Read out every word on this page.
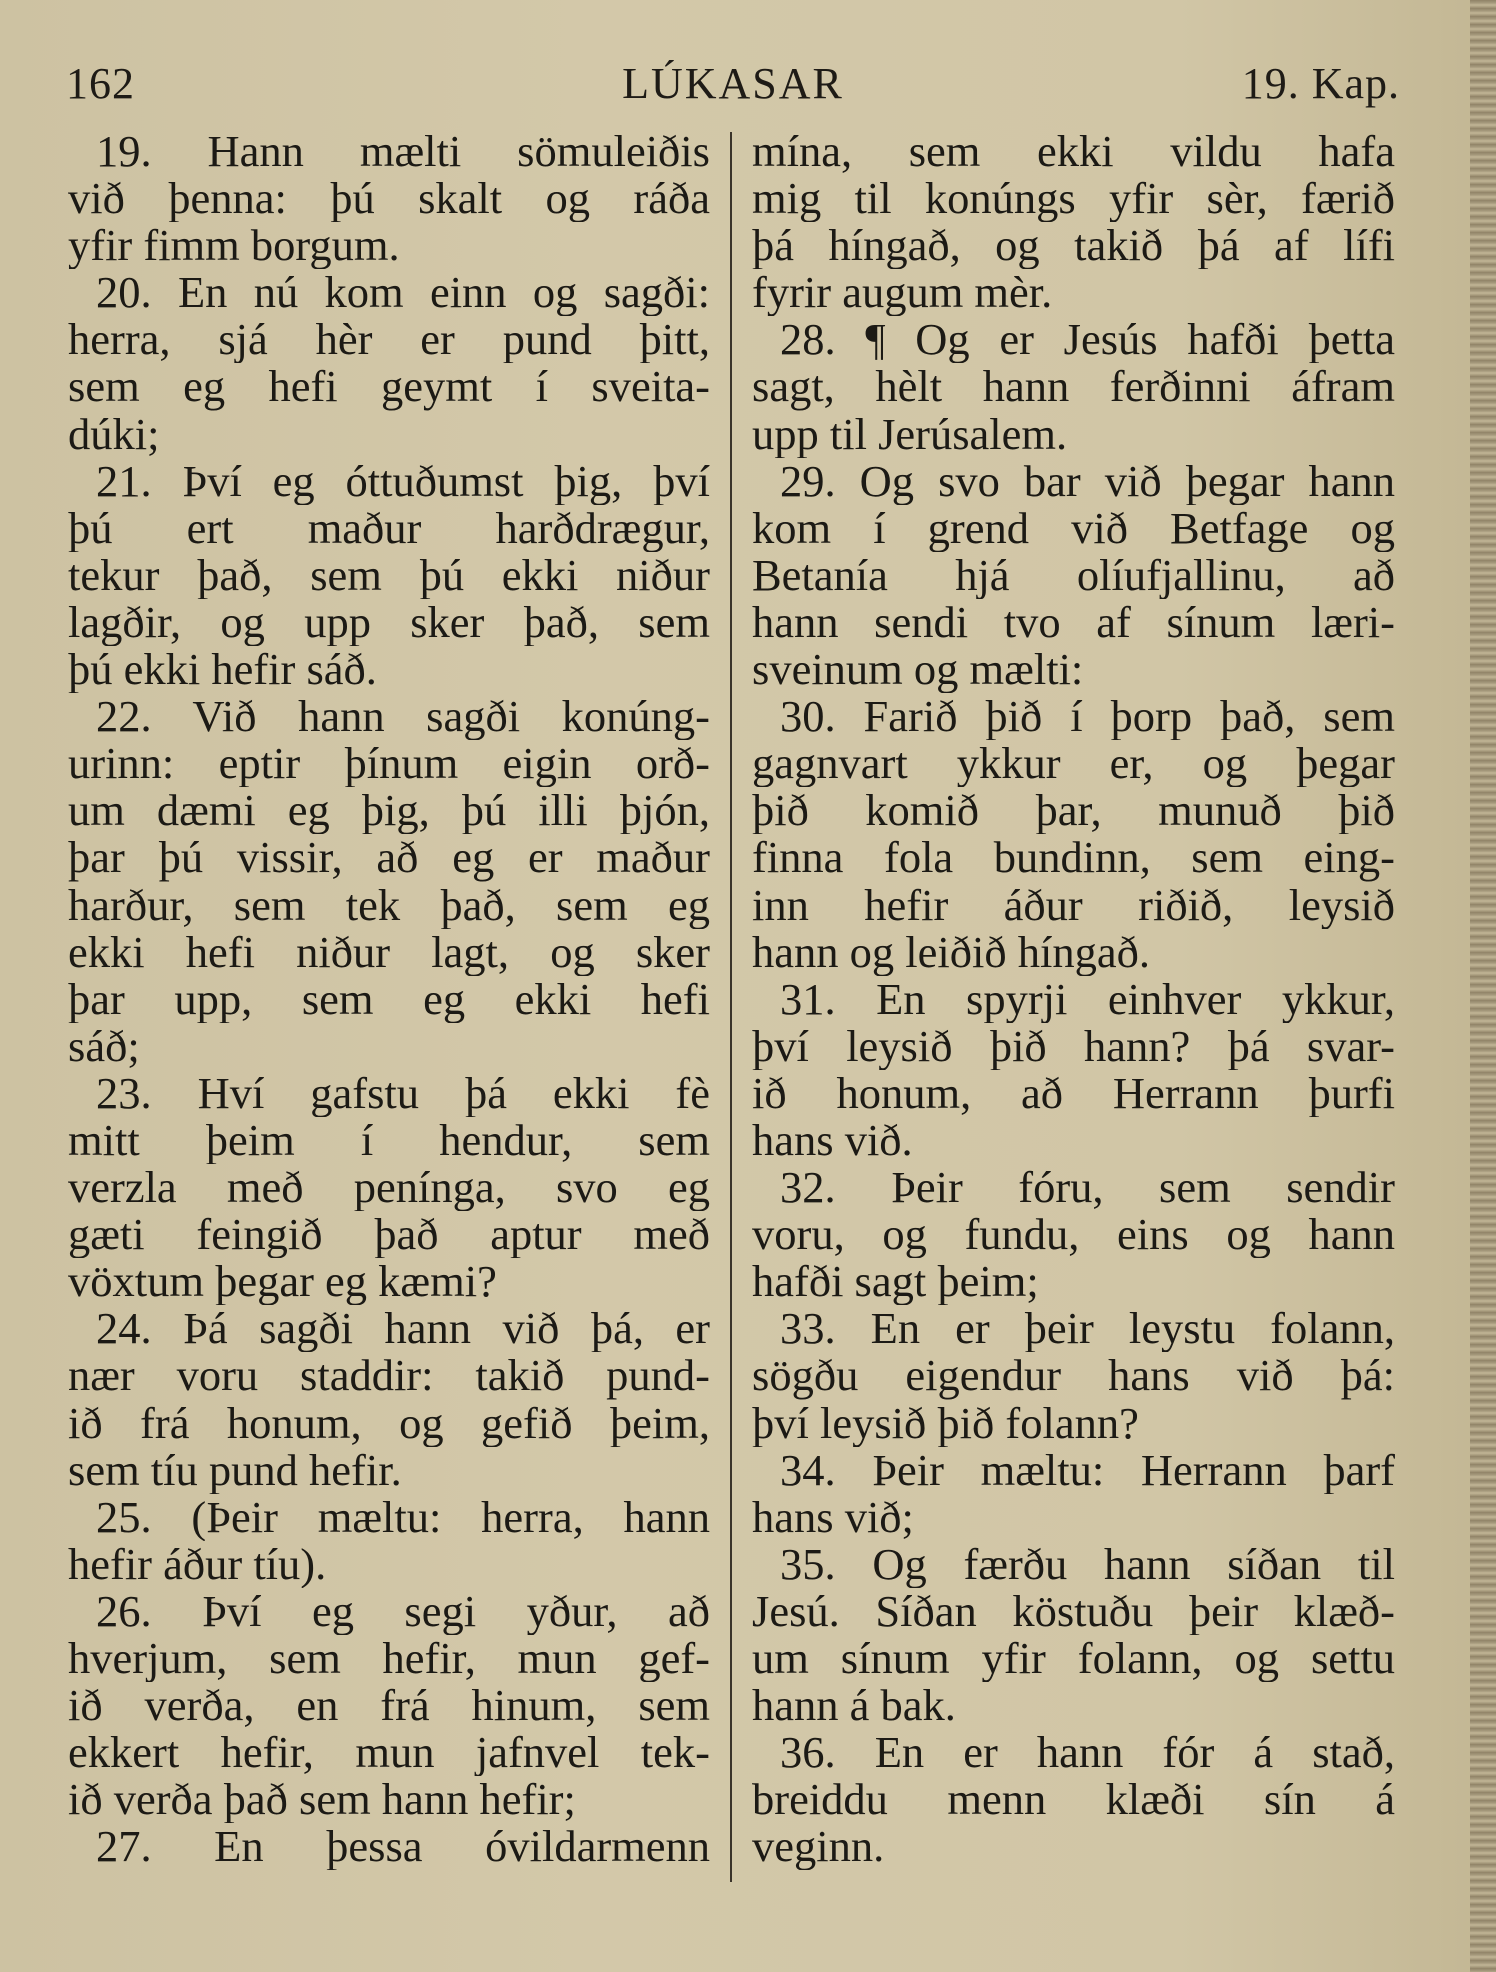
162	LÚKASAR	19. Kap.
19. Hann mælti sömuleiðis
við þenna: þú skalt og ráða
yfir fimm borgum.
20. En nú kom einn og sagði:
herra, sjá hèr er pund þitt,
sem eg hefi geymt í sveita-
dúki;
21. Því eg óttuðumst þig, því
þú ert maður harðdrægur,
tekur það, sem þú ekki niður
lagðir, og upp sker það, sem
þú ekki hefir sáð.
22. Við hann sagði konúng-
urinn: eptir þínum eigin orð-
um dæmi eg þig, þú illi þjón,
þar þú vissir, að eg er maður
harður, sem tek það, sem eg
ekki hefi niður lagt, og sker
þar upp, sem eg ekki hefi
sáð;
23. Hví gafstu þá ekki fè
mitt þeim í hendur, sem
verzla með penínga, svo eg
gæti feingið það aptur með
vöxtum þegar eg kæmi?
24. Þá sagði hann við þá, er
nær voru staddir: takið pund-
ið frá honum, og gefið þeim,
sem tíu pund hefir.
25. (Þeir mæltu: herra, hann
hefir áður tíu).
26. Því eg segi yður, að
hverjum, sem hefir, mun gef-
ið verða, en frá hinum, sem
ekkert hefir, mun jafnvel tek-
ið verða það sem hann hefir;
27. En þessa óvildarmenn
mína, sem ekki vildu hafa
mig til konúngs yfir sèr, færið
þá híngað, og takið þá af lífi
fyrir augum mèr.
28. ¶ Og er Jesús hafði þetta
sagt, hèlt hann ferðinni áfram
upp til Jerúsalem.
29. Og svo bar við þegar hann
kom í grend við Betfage og
Betanía hjá olíufjallinu, að
hann sendi tvo af sínum læri-
sveinum og mælti:
30. Farið þið í þorp það, sem
gagnvart ykkur er, og þegar
þið komið þar, munuð þið
finna fola bundinn, sem eing-
inn hefir áður riðið, leysið
hann og leiðið híngað.
31. En spyrji einhver ykkur,
því leysið þið hann? þá svar-
ið honum, að Herrann þurfi
hans við.
32. Þeir fóru, sem sendir
voru, og fundu, eins og hann
hafði sagt þeim;
33. En er þeir leystu folann,
sögðu eigendur hans við þá:
því leysið þið folann?
34. Þeir mæltu: Herrann þarf
hans við;
35. Og færðu hann síðan til
Jesú. Síðan köstuðu þeir klæð-
um sínum yfir folann, og settu
hann á bak.
36. En er hann fór á stað,
breiddu menn klæði sín á
veginn.
